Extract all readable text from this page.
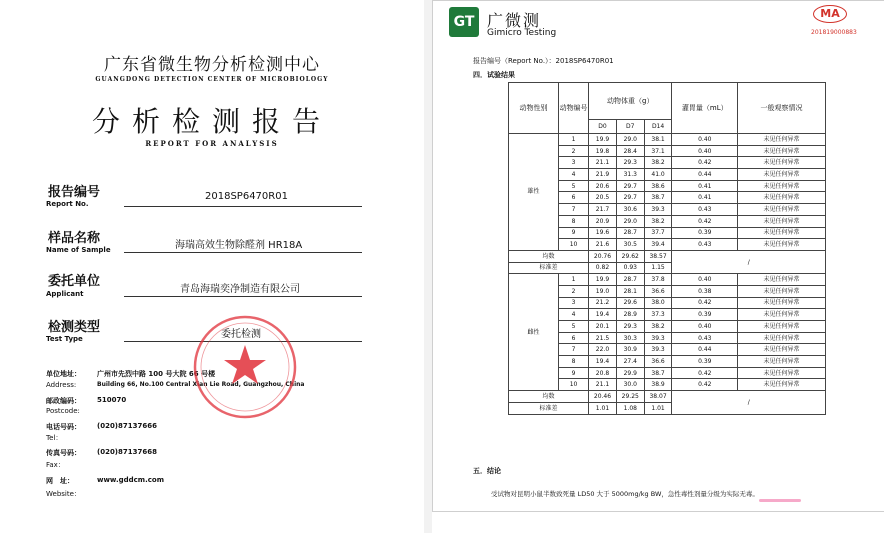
广东省微生物分析检测中心
GUANGDONG DETECTION CENTER OF MICROBIOLOGY
分析检测报告
REPORT FOR ANALYSIS
报告编号
Report No.
2018SP6470R01
样品名称
Name of Sample	海瑞高效生物除醛剂 HR18A
委托单位
Applicant	青岛海瑞奕净制造有限公司
检测类型
Test Type	委托检测
单位地址： 广州市先烈中路 100 号大院 66 号楼
Address:	Building 66, No.100 Central Xian Lie Road, Guangzhou, China
邮政编码： 510070
Postcode:
电话号码： (020)87137666
Tel：
传真号码： (020)87137668
Fax：
网　址：	www.gddcm.com
Website：
GT 广微测
Gimicro Testing
MA
201819000883
报告编号（Report No.）：2018SP6470R01
四．试验结果
五．结论
受试物对昆明小鼠半数致死量 LD50 大于 5000mg/kg BW，急性毒性剂量分级为实际无毒。
动物性别	动物编号	动物体重（g）			灌胃量（mL）	一般观察情况
		D0	D7	D14		
雄性	1	19.9	29.0	38.1	0.40	未见任何异常
	2	19.8	28.4	37.1	0.40	未见任何异常
	3	21.1	29.3	38.2	0.42	未见任何异常
	4	21.9	31.3	41.0	0.44	未见任何异常
	5	20.6	29.7	38.6	0.41	未见任何异常
	6	20.5	29.7	38.7	0.41	未见任何异常
	7	21.7	30.6	39.3	0.43	未见任何异常
	8	20.9	29.0	38.2	0.42	未见任何异常
	9	19.6	28.7	37.7	0.39	未见任何异常
	10	21.6	30.5	39.4	0.43	未见任何异常
均数		20.76	29.62	38.57	/	
标准差		0.82	0.93	1.15		
雌性	1	19.9	28.7	37.8	0.40	未见任何异常
	2	19.0	28.1	36.6	0.38	未见任何异常
	3	21.2	29.6	38.0	0.42	未见任何异常
	4	19.4	28.9	37.3	0.39	未见任何异常
	5	20.1	29.3	38.2	0.40	未见任何异常
	6	21.5	30.3	39.3	0.43	未见任何异常
	7	22.0	30.9	39.3	0.44	未见任何异常
	8	19.4	27.4	36.6	0.39	未见任何异常
	9	20.8	29.9	38.7	0.42	未见任何异常
	10	21.1	30.0	38.9	0.42	未见任何异常
均数		20.46	29.25	38.07	/	
标准差		1.01	1.08	1.01		
